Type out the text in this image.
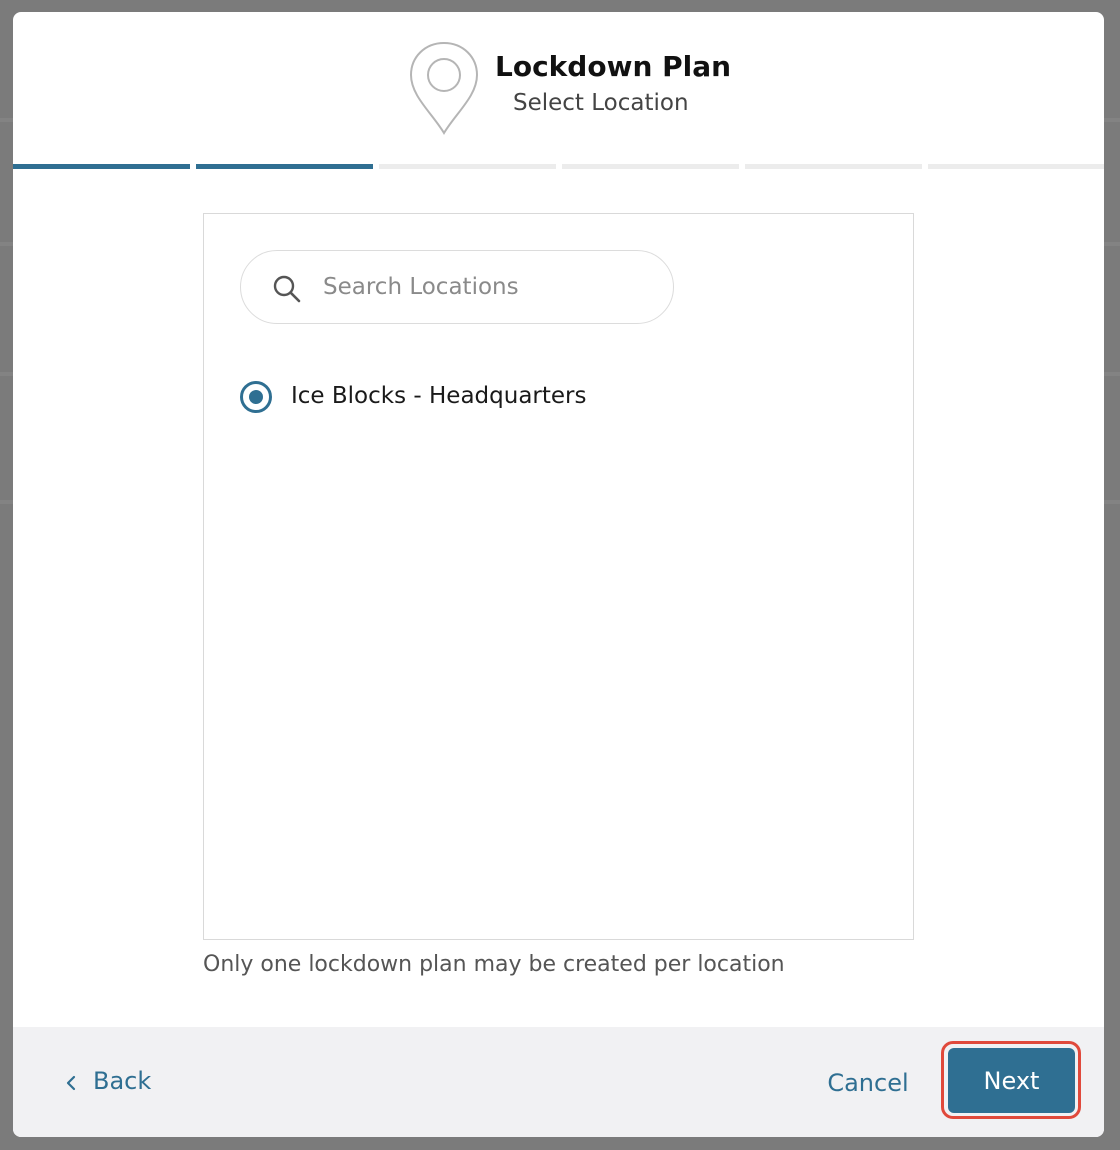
Lockdown Plan
Select Location
Search Locations
Ice Blocks - Headquarters
Only one lockdown plan may be created per location
Back	Cancel	Next
